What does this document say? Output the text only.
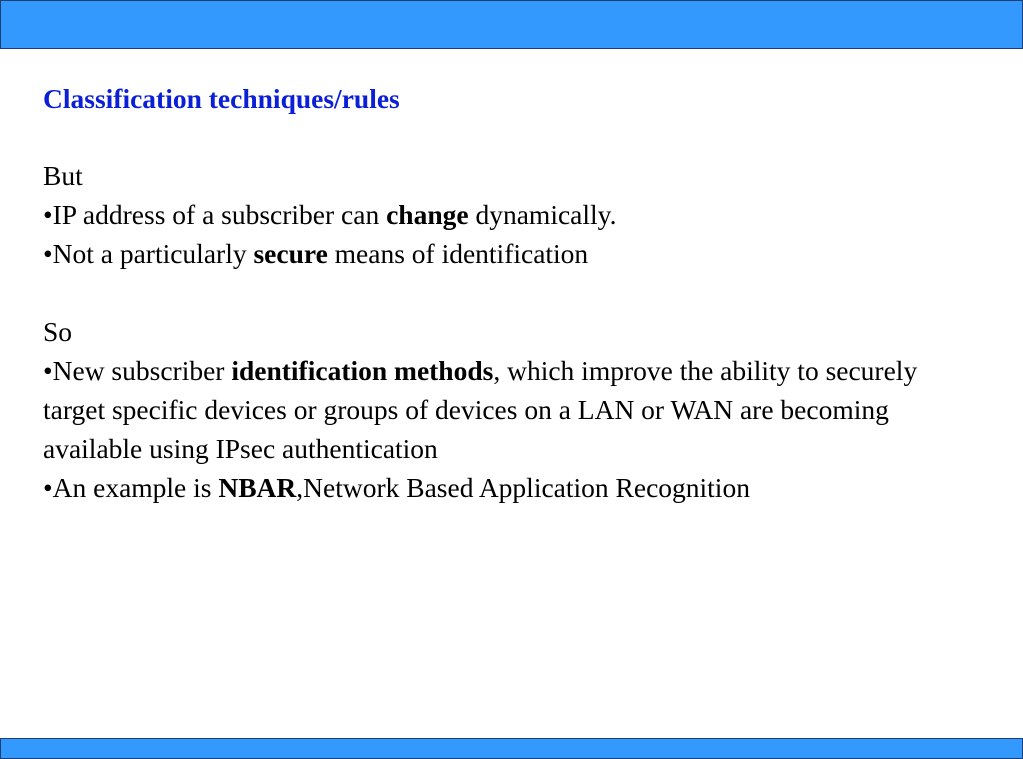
Classification techniques/rules

But

•IP address of a subscriber can change dynamically.

•Not a particularly secure means of identification

So

•New subscriber identification methods, which improve the ability to securely target specific devices or groups of devices on a LAN or WAN are becoming available using IPsec authentication

•An example is NBAR,Network Based Application Recognition
